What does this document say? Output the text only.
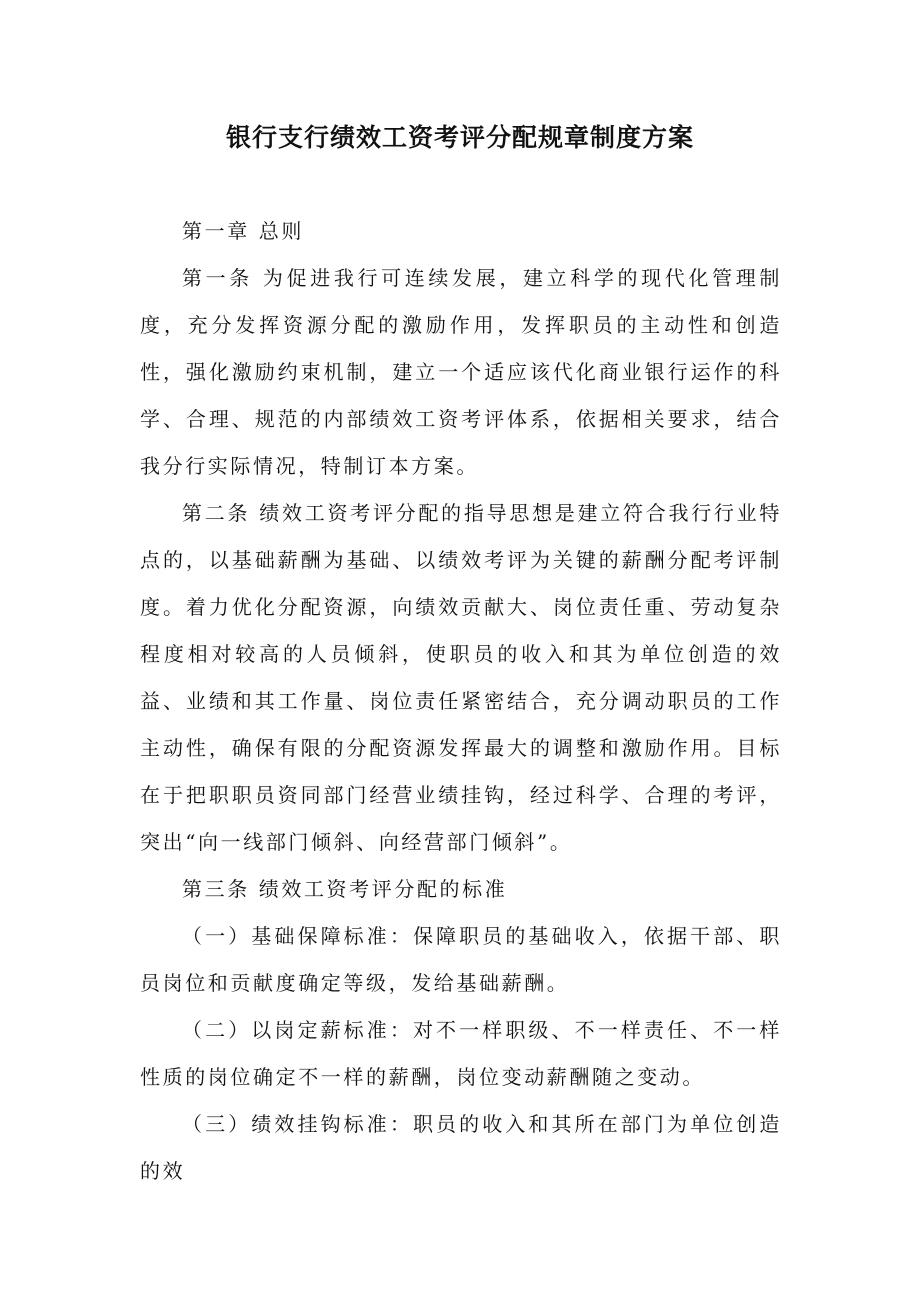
银行支行绩效工资考评分配规章制度方案

第一章 总则

第一条 为促进我行可连续发展，建立科学的现代化管理制度，充分发挥资源分配的激励作用，发挥职员的主动性和创造性，强化激励约束机制，建立一个适应该代化商业银行运作的科学、合理、规范的内部绩效工资考评体系，依据相关要求，结合我分行实际情况，特制订本方案。

第二条 绩效工资考评分配的指导思想是建立符合我行行业特点的，以基础薪酬为基础、以绩效考评为关键的薪酬分配考评制度。着力优化分配资源，向绩效贡献大、岗位责任重、劳动复杂程度相对较高的人员倾斜，使职员的收入和其为单位创造的效益、业绩和其工作量、岗位责任紧密结合，充分调动职员的工作主动性，确保有限的分配资源发挥最大的调整和激励作用。目标在于把职职员资同部门经营业绩挂钩，经过科学、合理的考评，突出“向一线部门倾斜、向经营部门倾斜”。

第三条 绩效工资考评分配的标准

（一）基础保障标准：保障职员的基础收入，依据干部、职员岗位和贡献度确定等级，发给基础薪酬。

（二）以岗定薪标准：对不一样职级、不一样责任、不一样性质的岗位确定不一样的薪酬，岗位变动薪酬随之变动。

（三）绩效挂钩标准：职员的收入和其所在部门为单位创造的效
